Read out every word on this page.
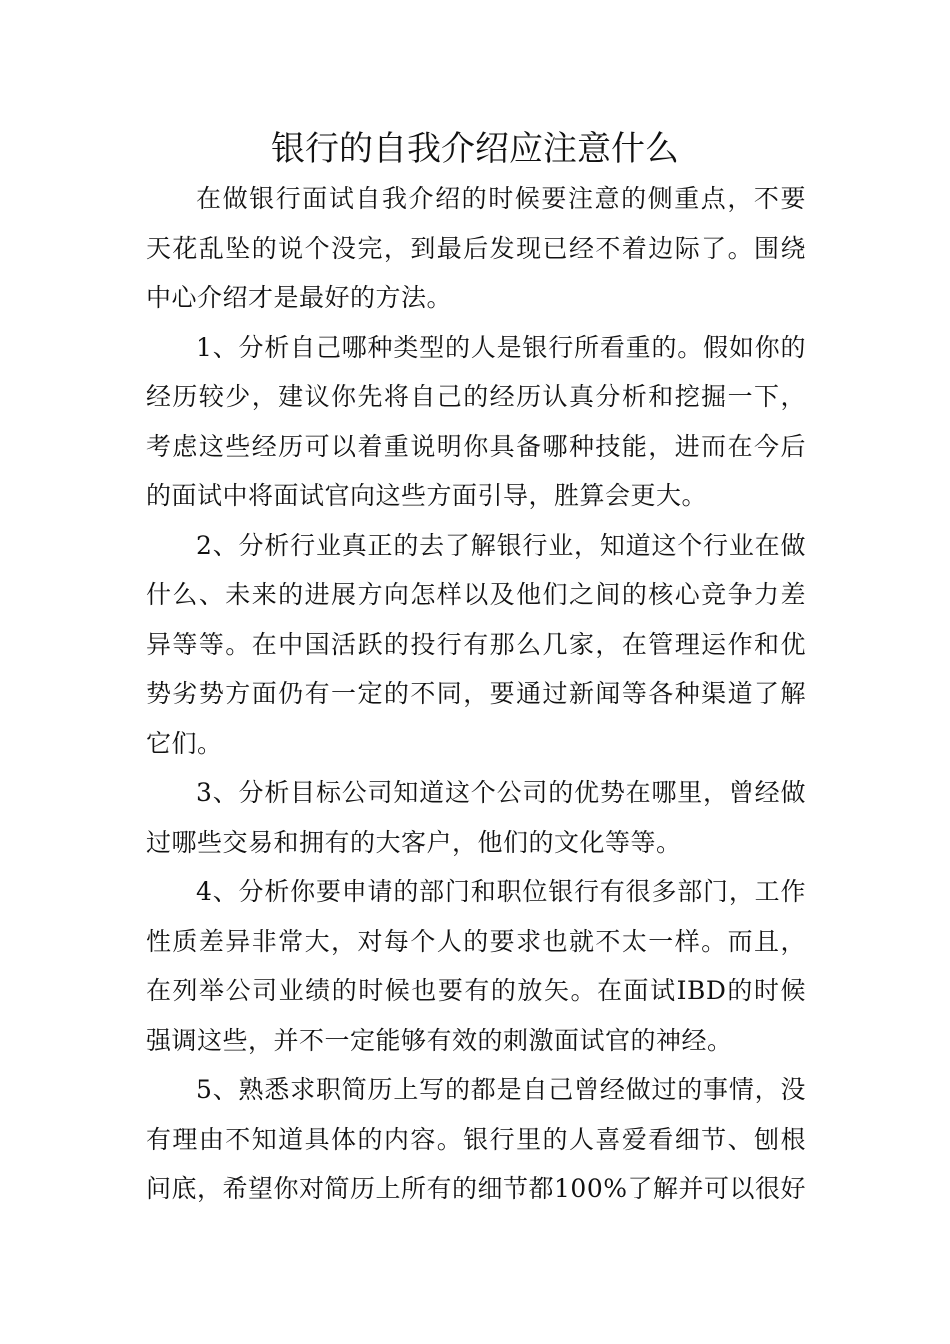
银行的自我介绍应注意什么

在做银行面试自我介绍的时候要注意的侧重点，不要天花乱坠的说个没完，到最后发现已经不着边际了。围绕中心介绍才是最好的方法。

1、分析自己哪种类型的人是银行所看重的。假如你的经历较少，建议你先将自己的经历认真分析和挖掘一下，考虑这些经历可以着重说明你具备哪种技能，进而在今后的面试中将面试官向这些方面引导，胜算会更大。

2、分析行业真正的去了解银行业，知道这个行业在做什么、未来的进展方向怎样以及他们之间的核心竞争力差异等等。在中国活跃的投行有那么几家，在管理运作和优势劣势方面仍有一定的不同，要通过新闻等各种渠道了解它们。

3、分析目标公司知道这个公司的优势在哪里，曾经做过哪些交易和拥有的大客户，他们的文化等等。

4、分析你要申请的部门和职位银行有很多部门，工作性质差异非常大，对每个人的要求也就不太一样。而且，在列举公司业绩的时候也要有的放矢。在面试IBD的时候强调这些，并不一定能够有效的刺激面试官的神经。

5、熟悉求职简历上写的都是自己曾经做过的事情，没有理由不知道具体的内容。银行里的人喜爱看细节、刨根问底，希望你对简历上所有的细节都100%了解并可以很好
